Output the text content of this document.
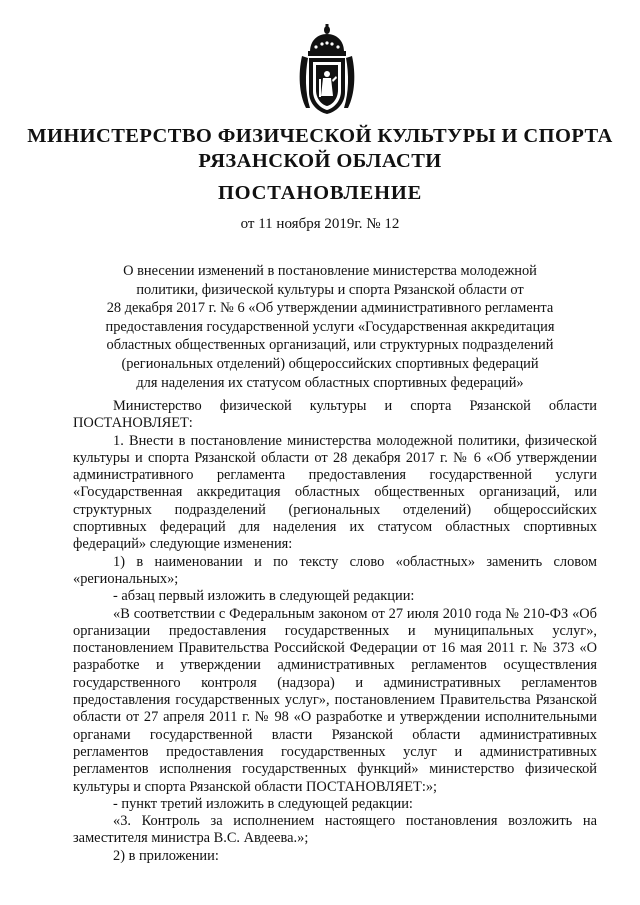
МИНИСТЕРСТВО ФИЗИЧЕСКОЙ КУЛЬТУРЫ И СПОРТА
РЯЗАНСКОЙ ОБЛАСТИ
ПОСТАНОВЛЕНИЕ
от 11 ноября 2019г. № 12
О внесении изменений в постановление министерства молодежной
политики, физической культуры и спорта Рязанской области от
28 декабря 2017 г. № 6 «Об утверждении административного регламента
предоставления государственной услуги «Государственная аккредитация
областных общественных организаций, или структурных подразделений
(региональных отделений) общероссийских спортивных федераций
для наделения их статусом областных спортивных федераций»

Министерство физической культуры и спорта Рязанской области ПОСТАНОВЛЯЕТ:

1. Внести в постановление министерства молодежной политики, физической культуры и спорта Рязанской области от 28 декабря 2017 г. № 6 «Об утверждении административного регламента предоставления государственной услуги «Государственная аккредитация областных общественных организаций, или структурных подразделений (региональных отделений) общероссийских спортивных федераций для наделения их статусом областных спортивных федераций» следующие изменения:

1) в наименовании и по тексту слово «областных» заменить словом «региональных»;

- абзац первый изложить в следующей редакции:

«В соответствии с Федеральным законом от 27 июля 2010 года № 210-ФЗ «Об организации предоставления государственных и муниципальных услуг», постановлением Правительства Российской Федерации от 16 мая 2011 г. № 373 «О разработке и утверждении административных регламентов осуществления государственного контроля (надзора) и административных регламентов предоставления государственных услуг», постановлением Правительства Рязанской области от 27 апреля 2011 г. № 98 «О разработке и утверждении исполнительными органами государственной власти Рязанской области административных регламентов предоставления государственных услуг и административных регламентов исполнения государственных функций» министерство физической культуры и спорта Рязанской области ПОСТАНОВЛЯЕТ:»;

- пункт третий изложить в следующей редакции:

«3. Контроль за исполнением настоящего постановления возложить на заместителя министра В.С. Авдеева.»;

2) в приложении:
